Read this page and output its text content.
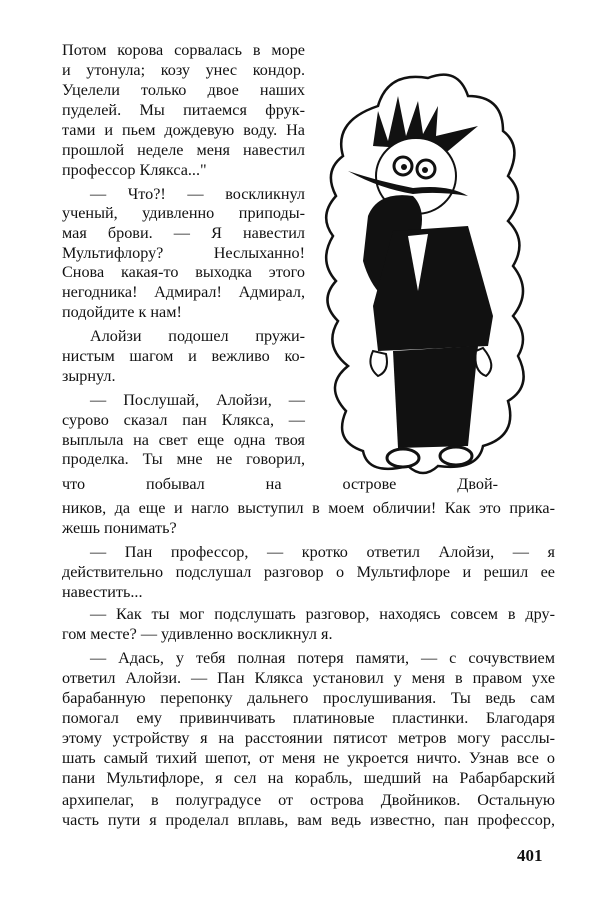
Потом корова сорвалась в море
и утонула; козу унес кондор.
Уцелели только двое наших
пуделей. Мы питаемся фрук-
тами и пьем дождевую воду. На
прошлой неделе меня навестил
профессор Клякса..."
— Что?! — воскликнул
ученый, удивленно приподы-
мая брови. — Я навестил
Мультифлору? Неслыханно!
Снова какая-то выходка этого
негодника! Адмирал! Адмирал,
подойдите к нам!
Алойзи подошел пружи-
нистым шагом и вежливо ко-
зырнул.
— Послушай, Алойзи, —
сурово сказал пан Клякса, —
выплыла на свет еще одна твоя
проделка. Ты мне не говорил,
что побывал на острове Двой-
ников, да еще и нагло выступил в моем обличии! Как это прика-
жешь понимать?
— Пан профессор, — кротко ответил Алойзи, — я
действительно подслушал разговор о Мультифлоре и решил ее
навестить...
— Как ты мог подслушать разговор, находясь совсем в дру-
гом месте? — удивленно воскликнул я.
— Адась, у тебя полная потеря памяти, — с сочувствием
ответил Алойзи. — Пан Клякса установил у меня в правом ухе
барабанную перепонку дальнего прослушивания. Ты ведь сам
помогал ему привинчивать платиновые пластинки. Благодаря
этому устройству я на расстоянии пятисот метров могу расслы-
шать самый тихий шепот, от меня не укроется ничто. Узнав все о
пани Мультифлоре, я сел на корабль, шедший на Рабарбарский
архипелаг, в полуградусе от острова Двойников. Остальную
часть пути я проделал вплавь, вам ведь известно, пан профессор,
401
